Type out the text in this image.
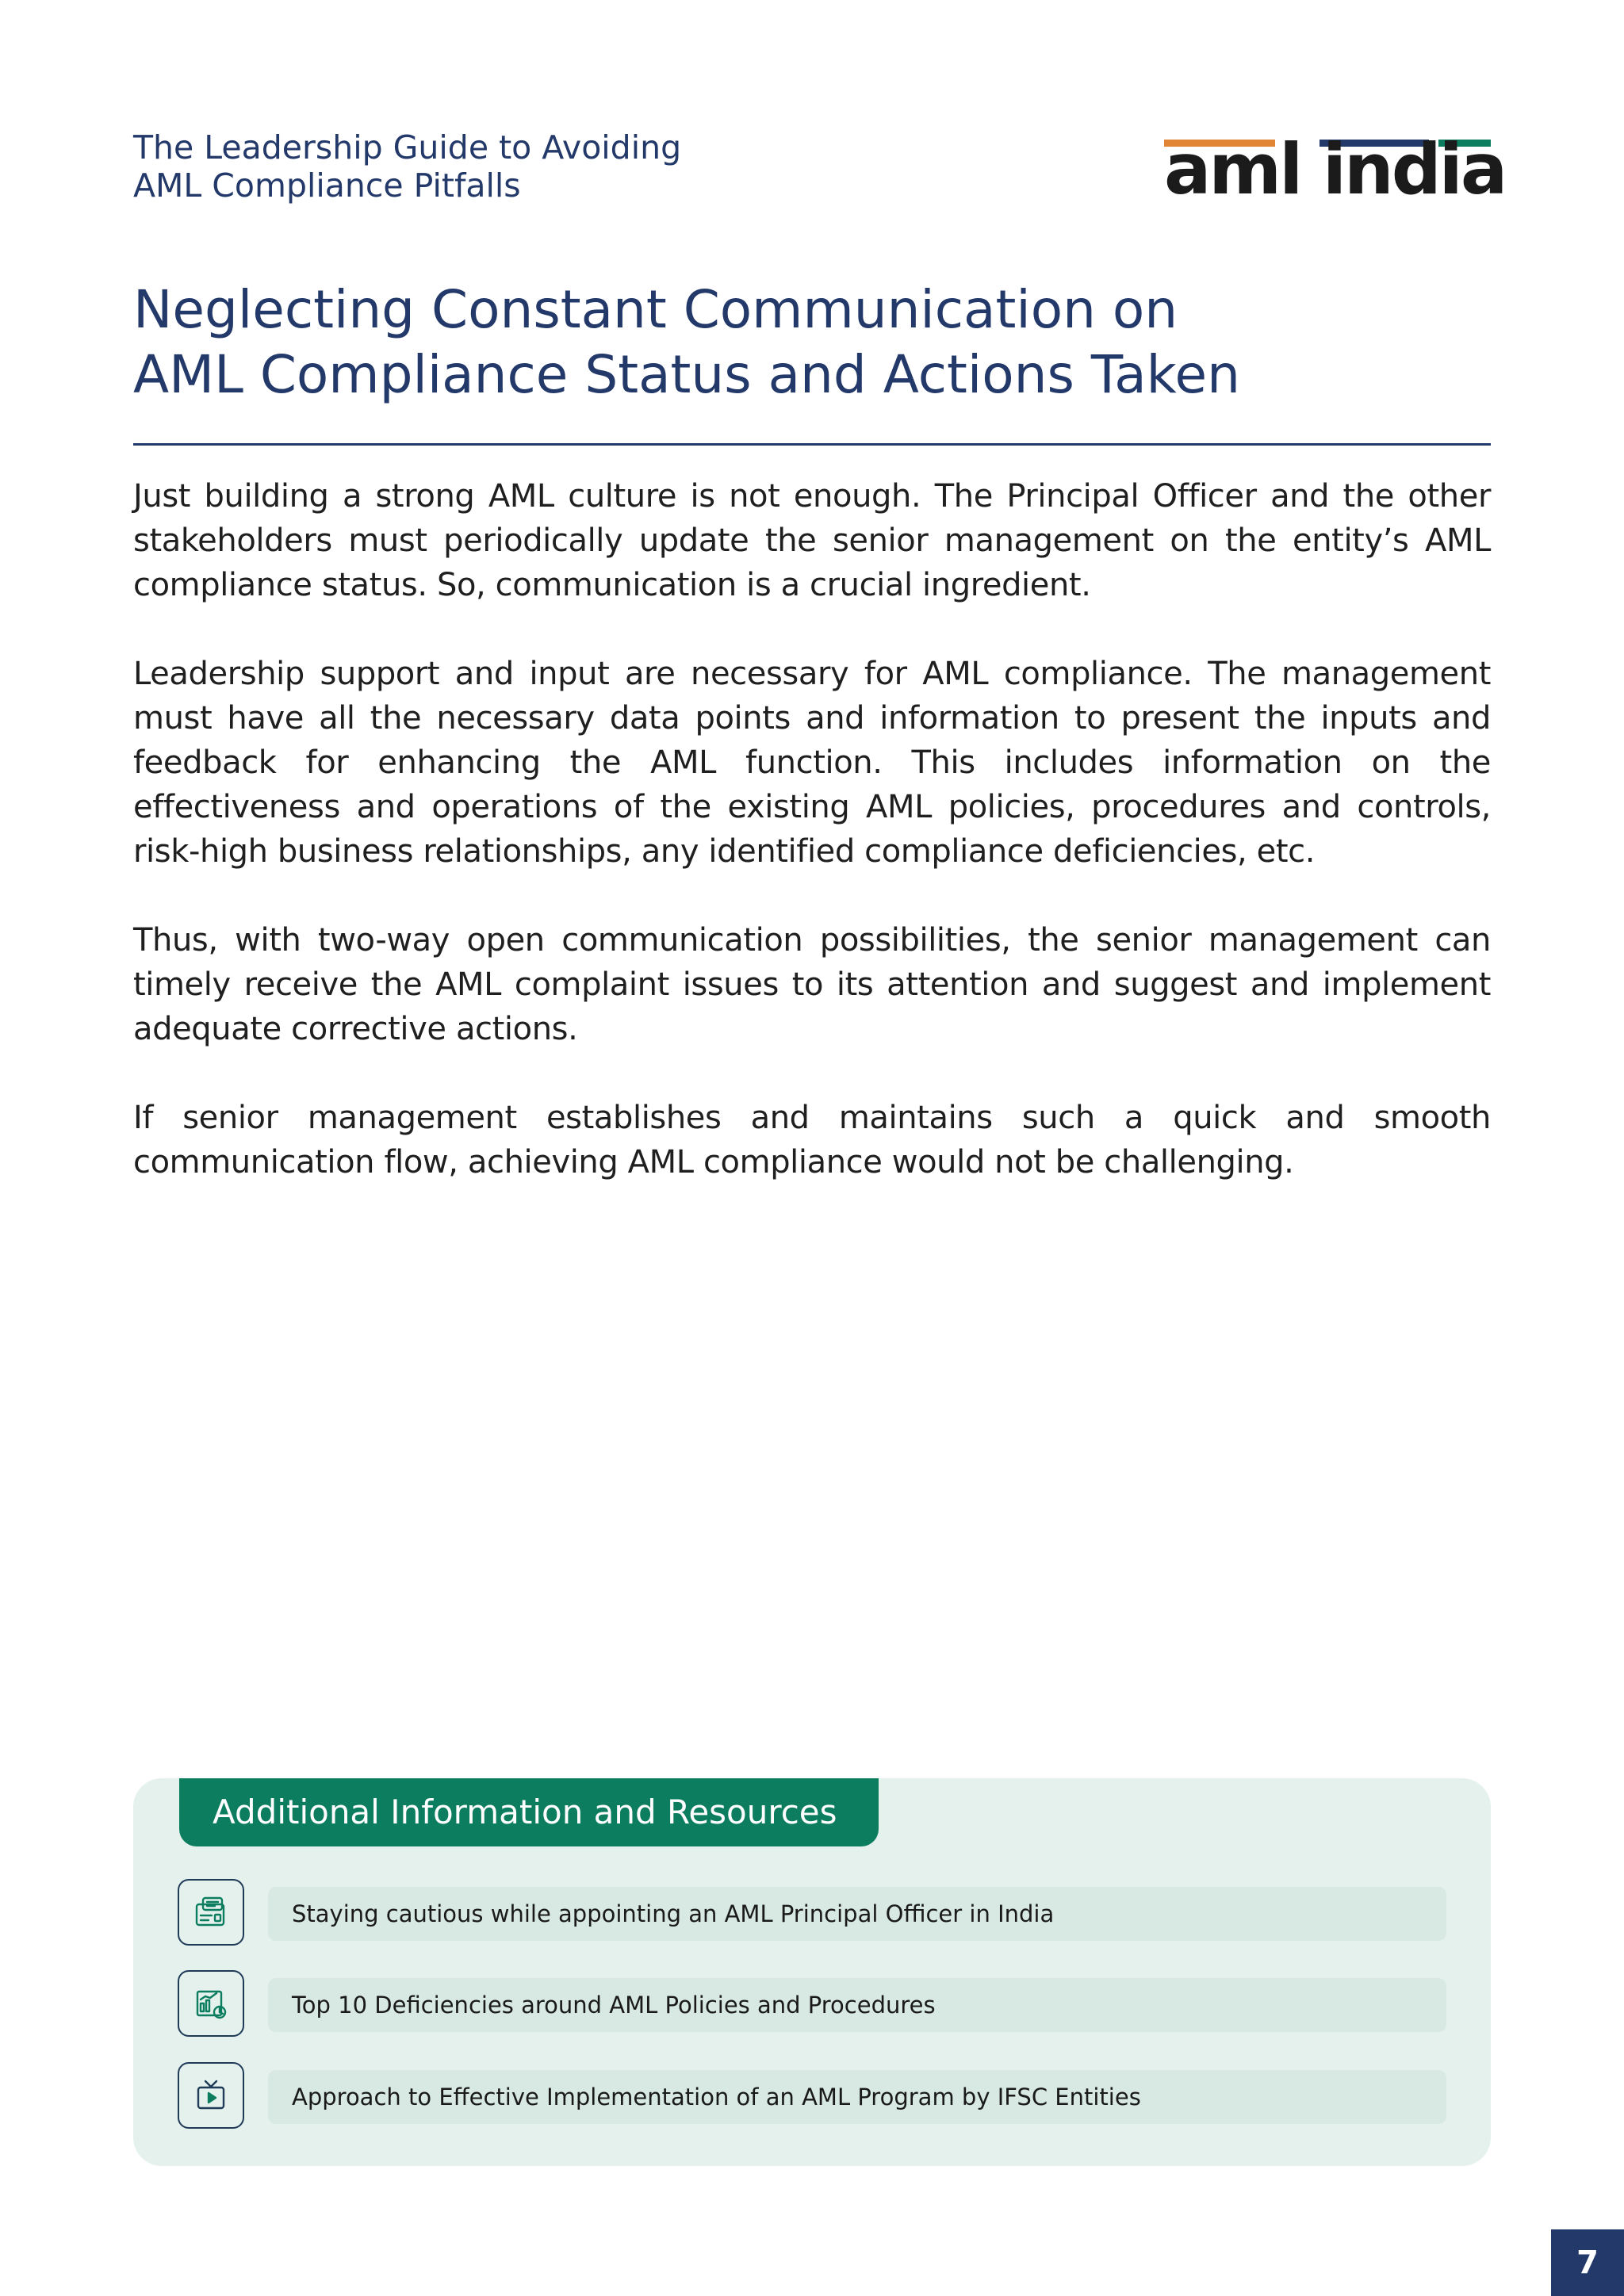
The Leadership Guide to Avoiding
AML Compliance Pitfalls	aml india
Neglecting Constant Communication on
AML Compliance Status and Actions Taken

Just building a strong AML culture is not enough. The Principal Officer and the other stakeholders must periodically update the senior management on the entity’s AML compliance status. So, communication is a crucial ingredient.

Leadership support and input are necessary for AML compliance. The management must have all the necessary data points and information to present the inputs and feedback for enhancing the AML function. This includes information on the effectiveness and operations of the existing AML policies, procedures and controls, risk-high business relationships, any identified compliance deficiencies, etc.

Thus, with two-way open communication possibilities, the senior management can timely receive the AML complaint issues to its attention and suggest and implement adequate corrective actions.

If senior management establishes and maintains such a quick and smooth communication flow, achieving AML compliance would not be challenging.

Additional Information and Resources
Staying cautious while appointing an AML Principal Officer in India
Top 10 Deficiencies around AML Policies and Procedures
Approach to Effective Implementation of an AML Program by IFSC Entities
7
